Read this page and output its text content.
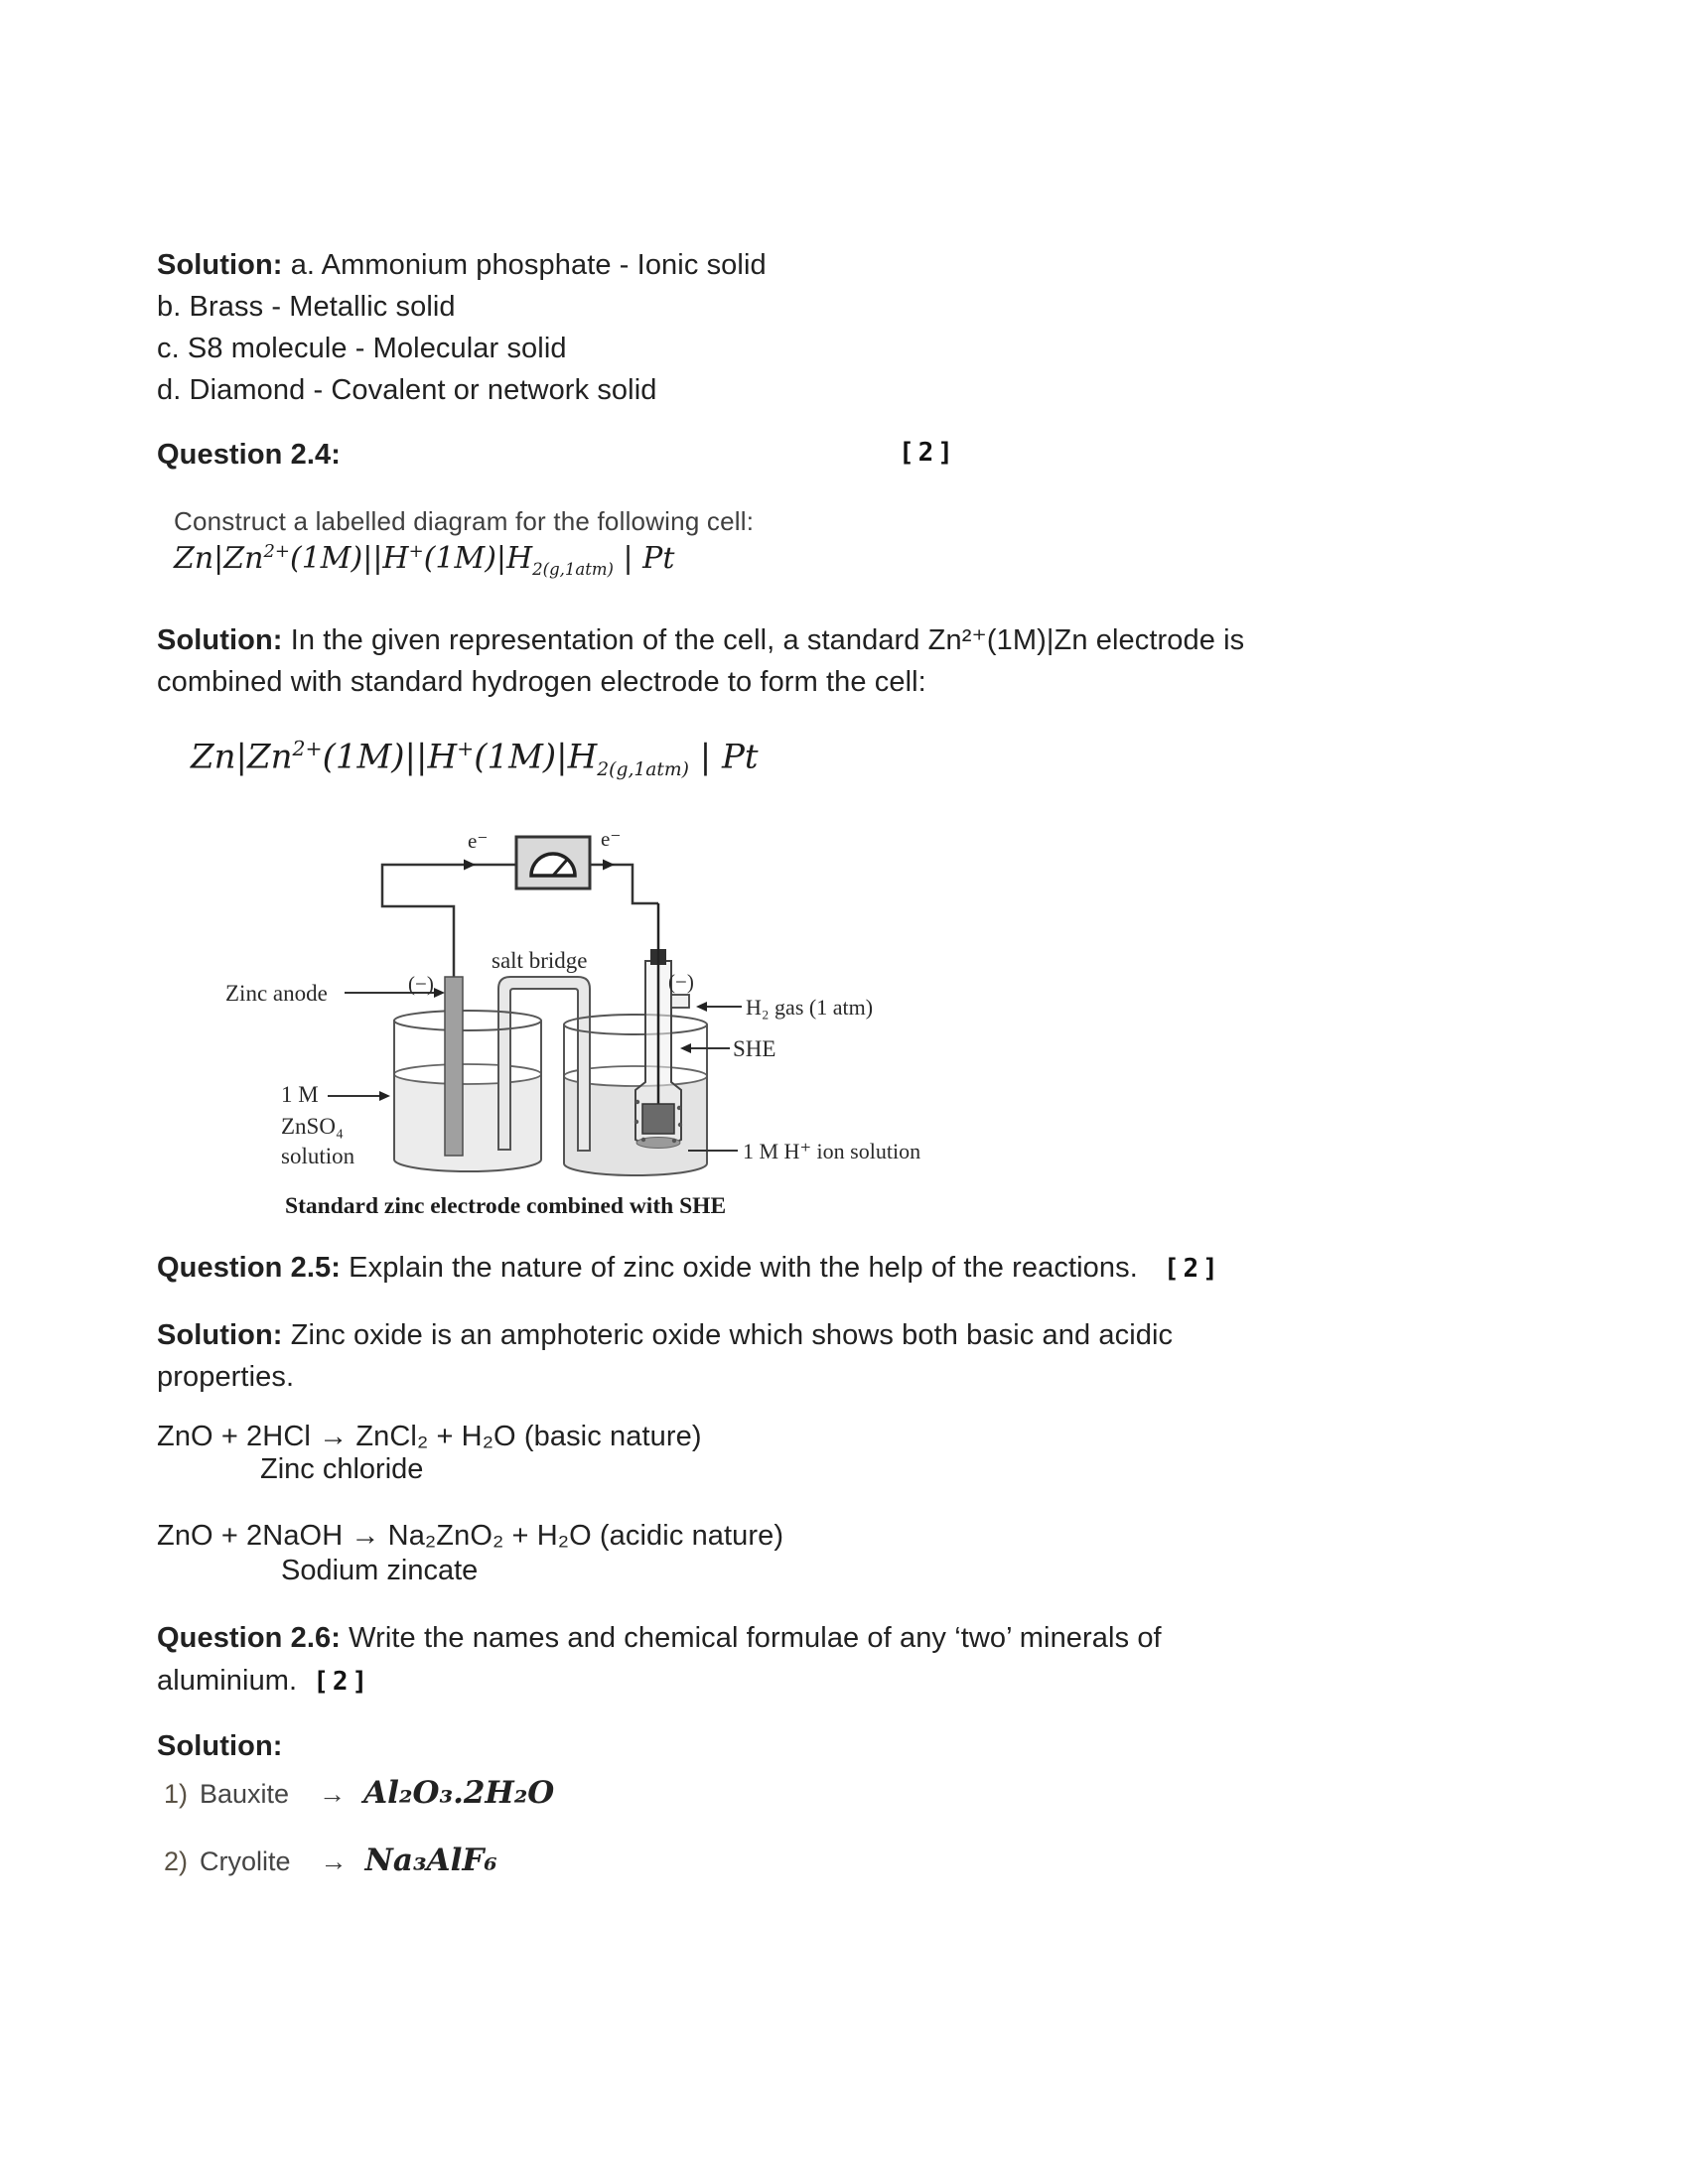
Solution: a. Ammonium phosphate - Ionic solid
b. Brass - Metallic solid
c. S8 molecule - Molecular solid
d. Diamond - Covalent or network solid
Question 2.4:	[2]
Construct a labelled diagram for the following cell:
$Zn|Zn^{2+}(1M)||H^+(1M)|H_{2(g,1atm)}$ | Pt
Solution: In the given representation of the cell, a standard Zn²⁺(1M)|Zn electrode is
combined with standard hydrogen electrode to form the cell:
$Zn|Zn^{2+}(1M)||H^+(1M)|H_{2(g,1atm)}$ | Pt
e⁻	e⁻
Zinc anode	(−)
salt bridge
(−)
H₂ gas (1 atm)
SHE
1 M
ZnSO₄
solution	1 M H⁺ ion solution
Standard zinc electrode combined with SHE
Question 2.5: Explain the nature of zinc oxide with the help of the reactions. [2]
Solution: Zinc oxide is an amphoteric oxide which shows both basic and acidic
properties.
ZnO + 2HCl → ZnCl₂ + H₂O (basic nature)
Zinc chloride
ZnO + 2NaOH → Na₂ZnO₂ + H₂O (acidic nature)
Sodium zincate
Question 2.6: Write the names and chemical formulae of any ‘two’ minerals of
aluminium. [2]
Solution:
1) Bauxite → Al₂O₃.2H₂O
2) Cryolite → Na₃AlF₆
